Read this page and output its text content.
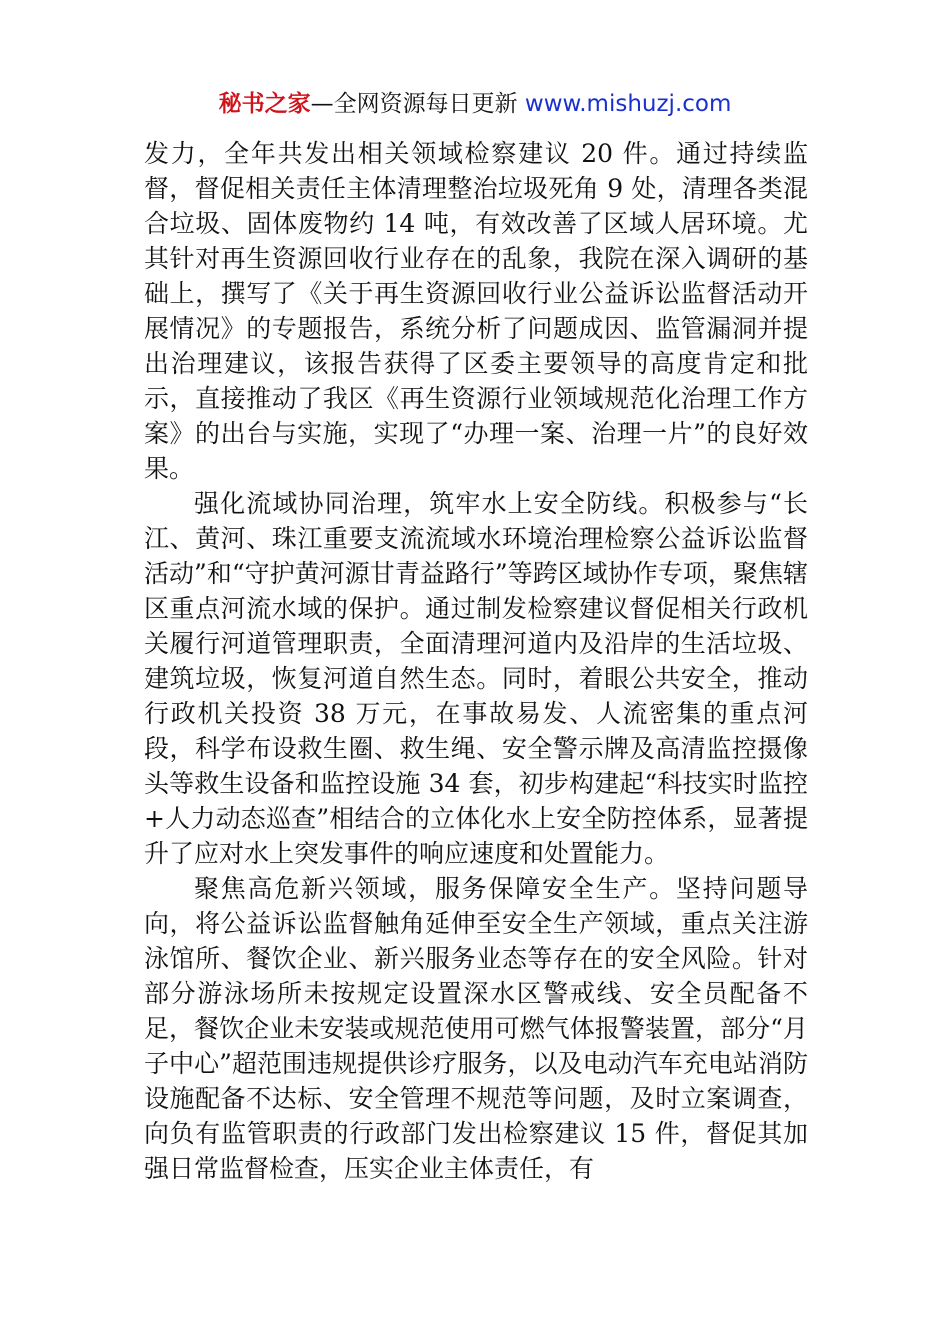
秘书之家—全网资源每日更新 www.mishuzj.com

发力，全年共发出相关领域检察建议 20 件。通过持续监督，督促相关责任主体清理整治垃圾死角 9 处，清理各类混合垃圾、固体废物约 14 吨，有效改善了区域人居环境。尤其针对再生资源回收行业存在的乱象，我院在深入调研的基础上，撰写了《关于再生资源回收行业公益诉讼监督活动开展情况》的专题报告，系统分析了问题成因、监管漏洞并提出治理建议，该报告获得了区委主要领导的高度肯定和批示，直接推动了我区《再生资源行业领域规范化治理工作方案》的出台与实施，实现了“办理一案、治理一片”的良好效果。

强化流域协同治理，筑牢水上安全防线。积极参与“长江、黄河、珠江重要支流流域水环境治理检察公益诉讼监督活动”和“守护黄河源甘青益路行”等跨区域协作专项，聚焦辖区重点河流水域的保护。通过制发检察建议督促相关行政机关履行河道管理职责，全面清理河道内及沿岸的生活垃圾、建筑垃圾，恢复河道自然生态。同时，着眼公共安全，推动行政机关投资 38 万元，在事故易发、人流密集的重点河段，科学布设救生圈、救生绳、安全警示牌及高清监控摄像头等救生设备和监控设施 34 套，初步构建起“科技实时监控+人力动态巡查”相结合的立体化水上安全防控体系，显著提升了应对水上突发事件的响应速度和处置能力。

聚焦高危新兴领域，服务保障安全生产。坚持问题导向，将公益诉讼监督触角延伸至安全生产领域，重点关注游泳馆所、餐饮企业、新兴服务业态等存在的安全风险。针对部分游泳场所未按规定设置深水区警戒线、安全员配备不足，餐饮企业未安装或规范使用可燃气体报警装置，部分“月子中心”超范围违规提供诊疗服务，以及电动汽车充电站消防设施配备不达标、安全管理不规范等问题，及时立案调查，向负有监管职责的行政部门发出检察建议 15 件，督促其加强日常监督检查，压实企业主体责任，有
